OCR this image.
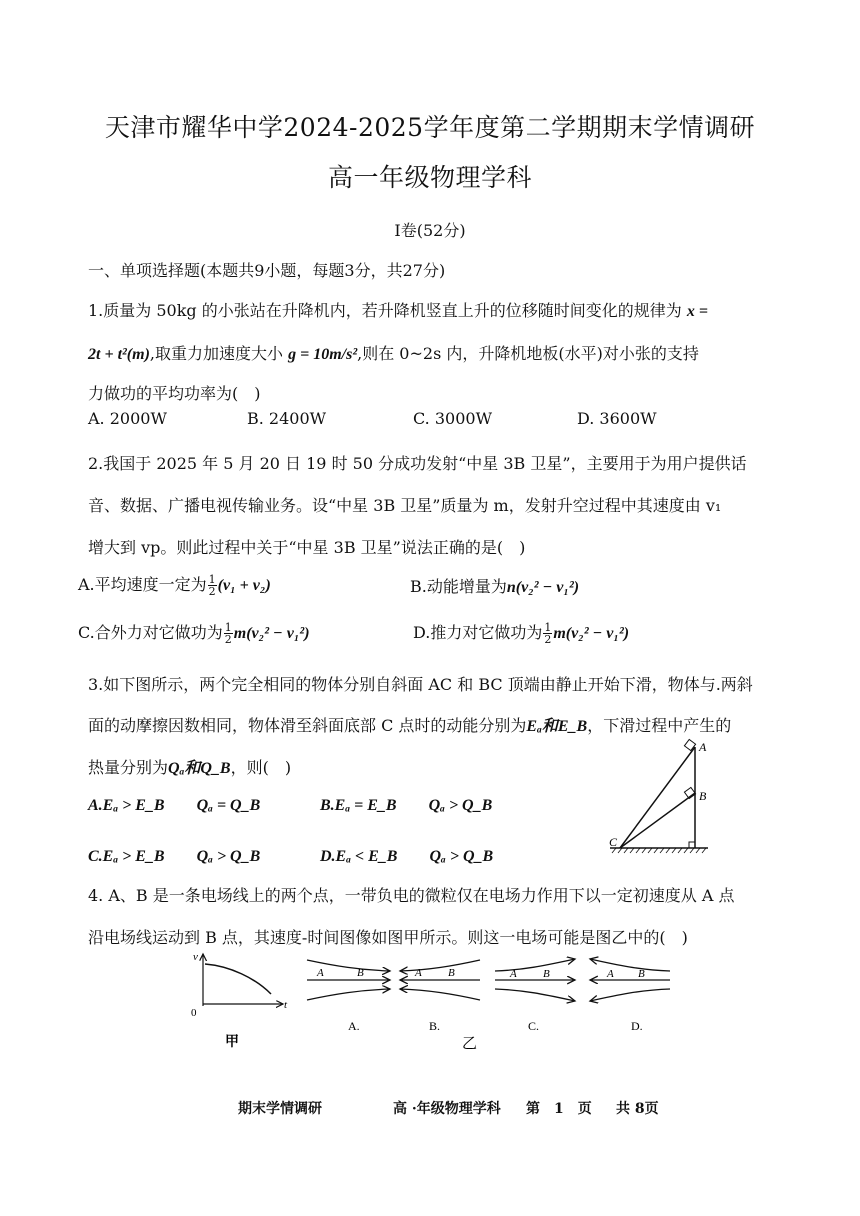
天津市耀华中学2024-2025学年度第二学期期末学情调研
高一年级物理学科
I卷(52分)
一、单项选择题(本题共9小题，每题3分，共27分)
1.质量为 50kg 的小张站在升降机内，若升降机竖直上升的位移随时间变化的规律为 x =
2t + t²(m),取重力加速度大小 g = 10m/s²,则在 0~2s 内，升降机地板(水平)对小张的支持
力做功的平均功率为(　)
A. 2000W	B. 2400W	C. 3000W	D. 3600W
2.我国于 2025 年 5 月 20 日 19 时 50 分成功发射“中星 3B 卫星”，主要用于为用户提供话
音、数据、广播电视传输业务。设“中星 3B 卫星”质量为 m，发射升空过程中其速度由 v₁
增大到 vp。则此过程中关于“中星 3B 卫星”说法正确的是(　)
A.平均速度一定为 $\frac{1}{2} (v_1 + v_2)$	B.动能增量为n(v₂² − v₁²)
C.合外力对它做功为 $\frac{1}{2} m(v_2^2 - v_1^2)$	D.推力对它做功为 $\frac{1}{2} m(v_2^2 - v_1^2)$
3.如下图所示，两个完全相同的物体分别自斜面 AC 和 BC 顶端由静止开始下滑，物体与.两斜
面的动摩擦因数相同，物体滑至斜面底部 C 点时的动能分别为Eₐ和E_B，下滑过程中产生的
热量分别为Qₐ和Q_B，则(　)
A.Eₐ > E_B　　Qₐ = Q_B	B.Eₐ = E_B　　Qₐ > Q_B
C.Eₐ > E_B　　Qₐ > Q_B	D.Eₐ < E_B　　Qₐ > Q_B
A
B
C
4. A、B 是一条电场线上的两个点，一带负电的微粒仅在电场力作用下以一定初速度从 A 点
沿电场线运动到 B 点，其速度-时间图像如图甲所示。则这一电场可能是图乙中的(　)
v
t
0
甲
A	B
A.
A B
B.
乙
A B
C.
A B
D.
期末学情调研	高 ·年级物理学科 第　1　页 共 8页
